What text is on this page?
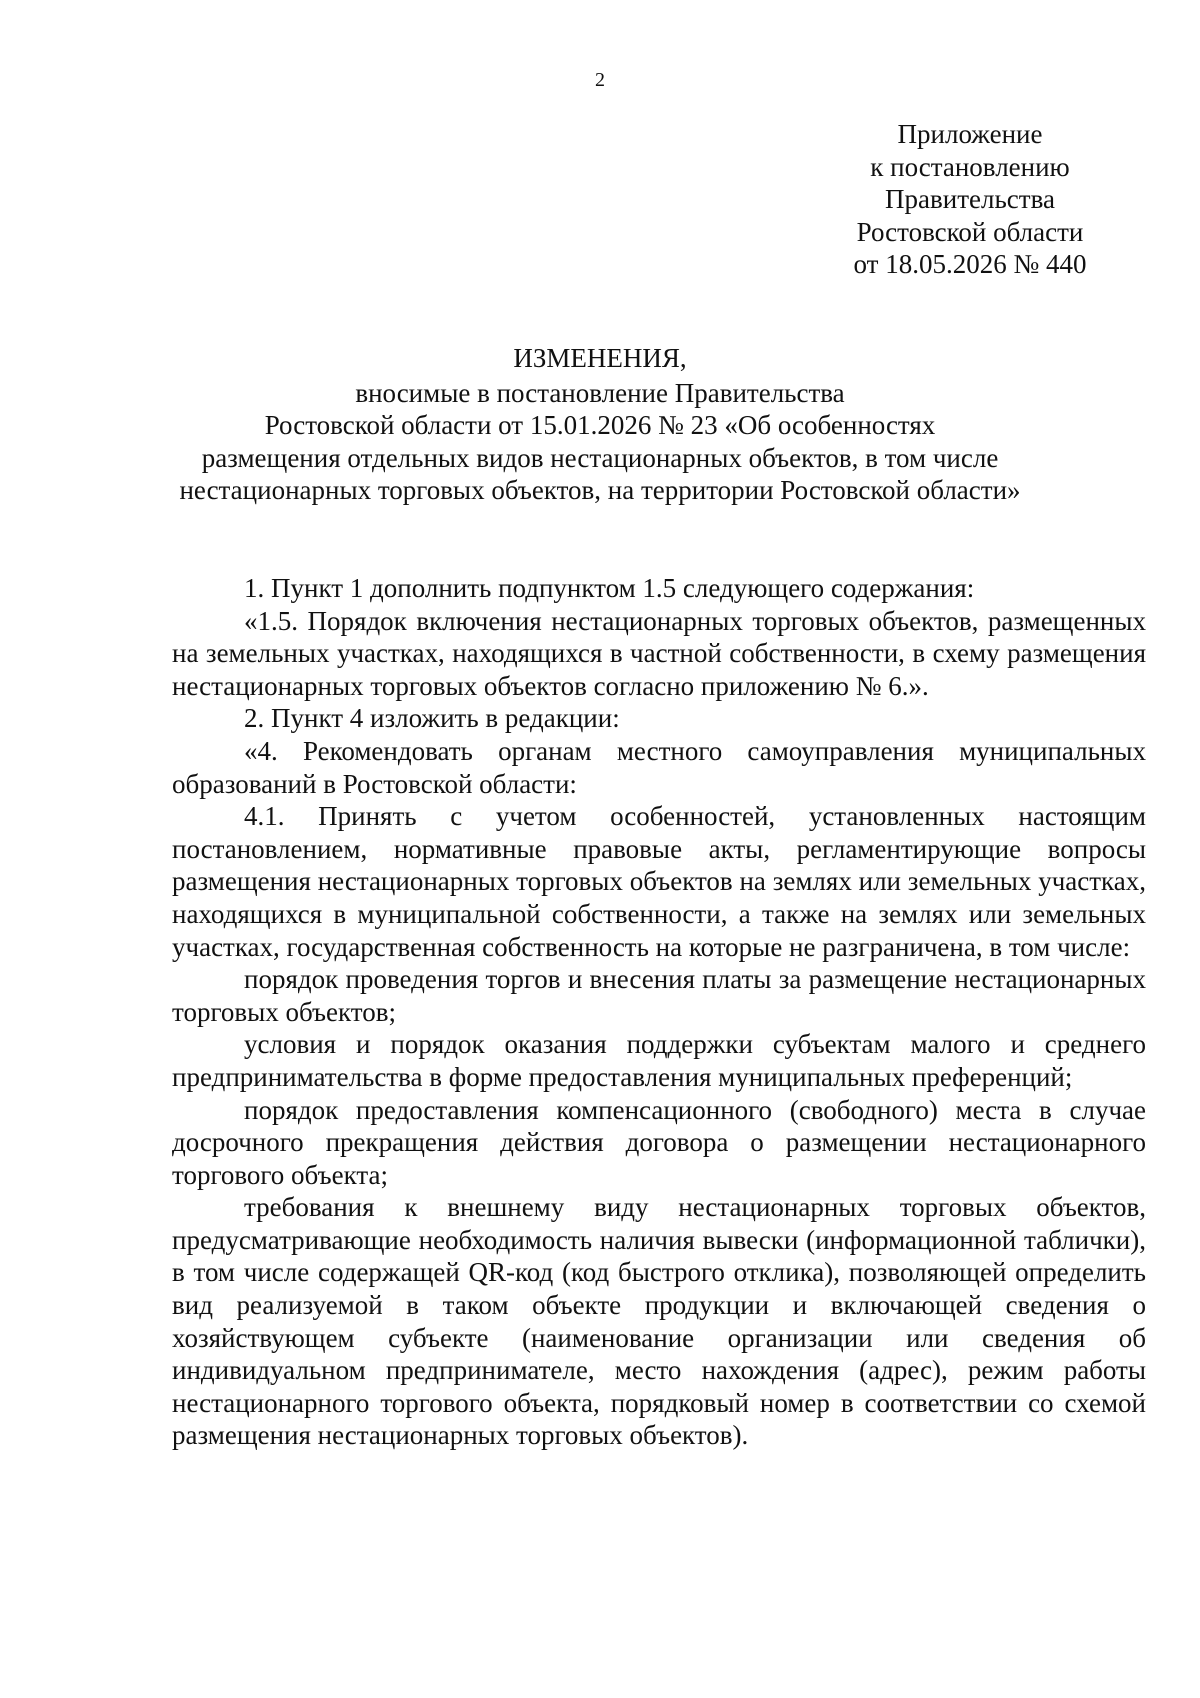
2
Приложение
к постановлению
Правительства
Ростовской области
от 18.05.2026 № 440
ИЗМЕНЕНИЯ,
вносимые в постановление Правительства
Ростовской области от 15.01.2026 № 23 «Об особенностях
размещения отдельных видов нестационарных объектов, в том числе
нестационарных торговых объектов, на территории Ростовской области»

1. Пункт 1 дополнить подпунктом 1.5 следующего содержания:

«1.5. Порядок включения нестационарных торговых объектов, размещенных на земельных участках, находящихся в частной собственности, в схему размещения нестационарных торговых объектов согласно приложению № 6.».

2. Пункт 4 изложить в редакции:

«4. Рекомендовать органам местного самоуправления муниципальных образований в Ростовской области:

4.1. Принять с учетом особенностей, установленных настоящим постановлением, нормативные правовые акты, регламентирующие вопросы размещения нестационарных торговых объектов на землях или земельных участках, находящихся в муниципальной собственности, а также на землях или земельных участках, государственная собственность на которые не разграничена, в том числе:

порядок проведения торгов и внесения платы за размещение нестационарных торговых объектов;

условия и порядок оказания поддержки субъектам малого и среднего предпринимательства в форме предоставления муниципальных преференций;

порядок предоставления компенсационного (свободного) места в случае досрочного прекращения действия договора о размещении нестационарного торгового объекта;

требования к внешнему виду нестационарных торговых объектов, предусматривающие необходимость наличия вывески (информационной таблички), в том числе содержащей QR-код (код быстрого отклика), позволяющей определить вид реализуемой в таком объекте продукции и включающей сведения о хозяйствующем субъекте (наименование организации или сведения об индивидуальном предпринимателе, место нахождения (адрес), режим работы нестационарного торгового объекта, порядковый номер в соответствии со схемой размещения нестационарных торговых объектов).
